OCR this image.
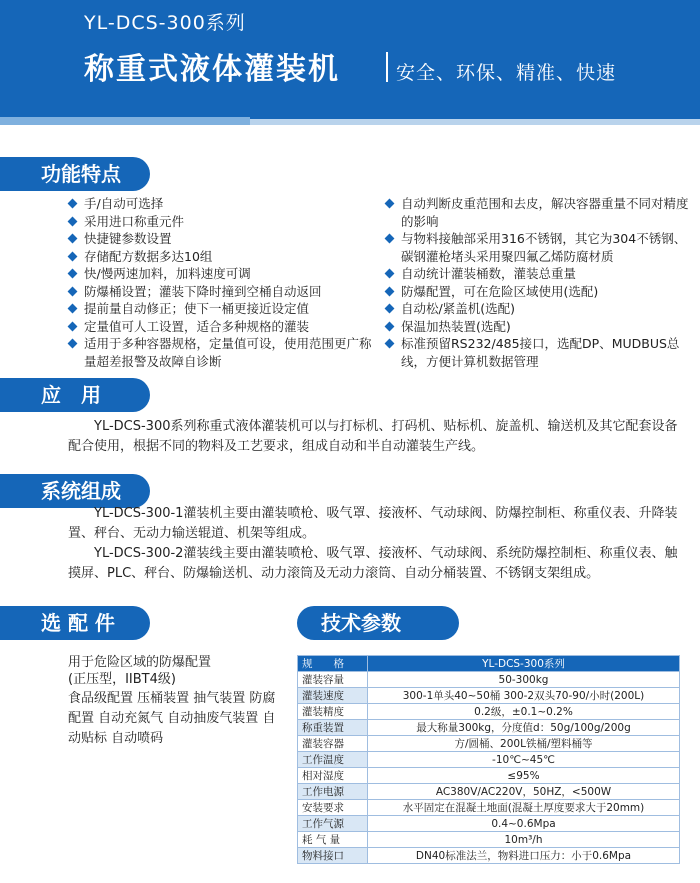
YL-DCS-300系列
称重式液体灌装机	安全、环保、精准、快速
功能特点
手/自动可选择
采用进口称重元件
快捷键参数设置
存储配方数据多达10组
快/慢两速加料，加料速度可调
防爆桶设置；灌装下降时撞到空桶自动返回
提前量自动修正；使下一桶更接近设定值
定量值可人工设置，适合多种规格的灌装
适用于多种容器规格，定量值可设，使用范围更广称量超差报警及故障自诊断
自动判断皮重范围和去皮，解决容器重量不同对精度的影响
与物料接触部采用316不锈钢，其它为304不锈钢、碳钢灌枪堵头采用聚四氟乙烯防腐材质
自动统计灌装桶数，灌装总重量
防爆配置，可在危险区域使用(选配)
自动松/紧盖机(选配)
保温加热装置(选配)
标准预留RS232/485接口，选配DP、MUDBUS总线，方便计算机数据管理
应　用
YL-DCS-300系列称重式液体灌装机可以与打标机、打码机、贴标机、旋盖机、输送机及其它配套设备配合使用，根据不同的物料及工艺要求，组成自动和半自动灌装生产线。
系统组成
YL-DCS-300-1灌装机主要由灌装喷枪、吸气罩、接液杯、气动球阀、防爆控制柜、称重仪表、升降装置、秤台、无动力输送辊道、机架等组成。
YL-DCS-300-2灌装线主要由灌装喷枪、吸气罩、接液杯、气动球阀、系统防爆控制柜、称重仪表、触摸屏、PLC、秤台、防爆输送机、动力滚筒及无动力滚筒、自动分桶装置、不锈钢支架组成。
选 配 件
用于危险区域的防爆配置
(正压型，IIBT4级)
食品级配置 压桶装置 抽气装置 防腐配置 自动充氮气 自动抽废气装置 自动贴标 自动喷码
技术参数
规　　格	YL-DCS-300系列
灌装容量	50-300kg
灌装速度	300-1单头40~50桶 300-2双头70-90/小时(200L)
灌装精度	0.2级，±0.1~0.2%
称重装置	最大称量300kg，分度值d：50g/100g/200g
灌装容器	方/圆桶、200L铁桶/塑料桶等
工作温度	-10℃~45℃
相对湿度	≤95%
工作电源	AC380V/AC220V，50HZ，<500W
安装要求	水平固定在混凝土地面(混凝土厚度要求大于20mm)
工作气源	0.4~0.6Mpa
耗 气 量	10m³/h
物料接口	DN40标准法兰，物料进口压力：小于0.6Mpa
